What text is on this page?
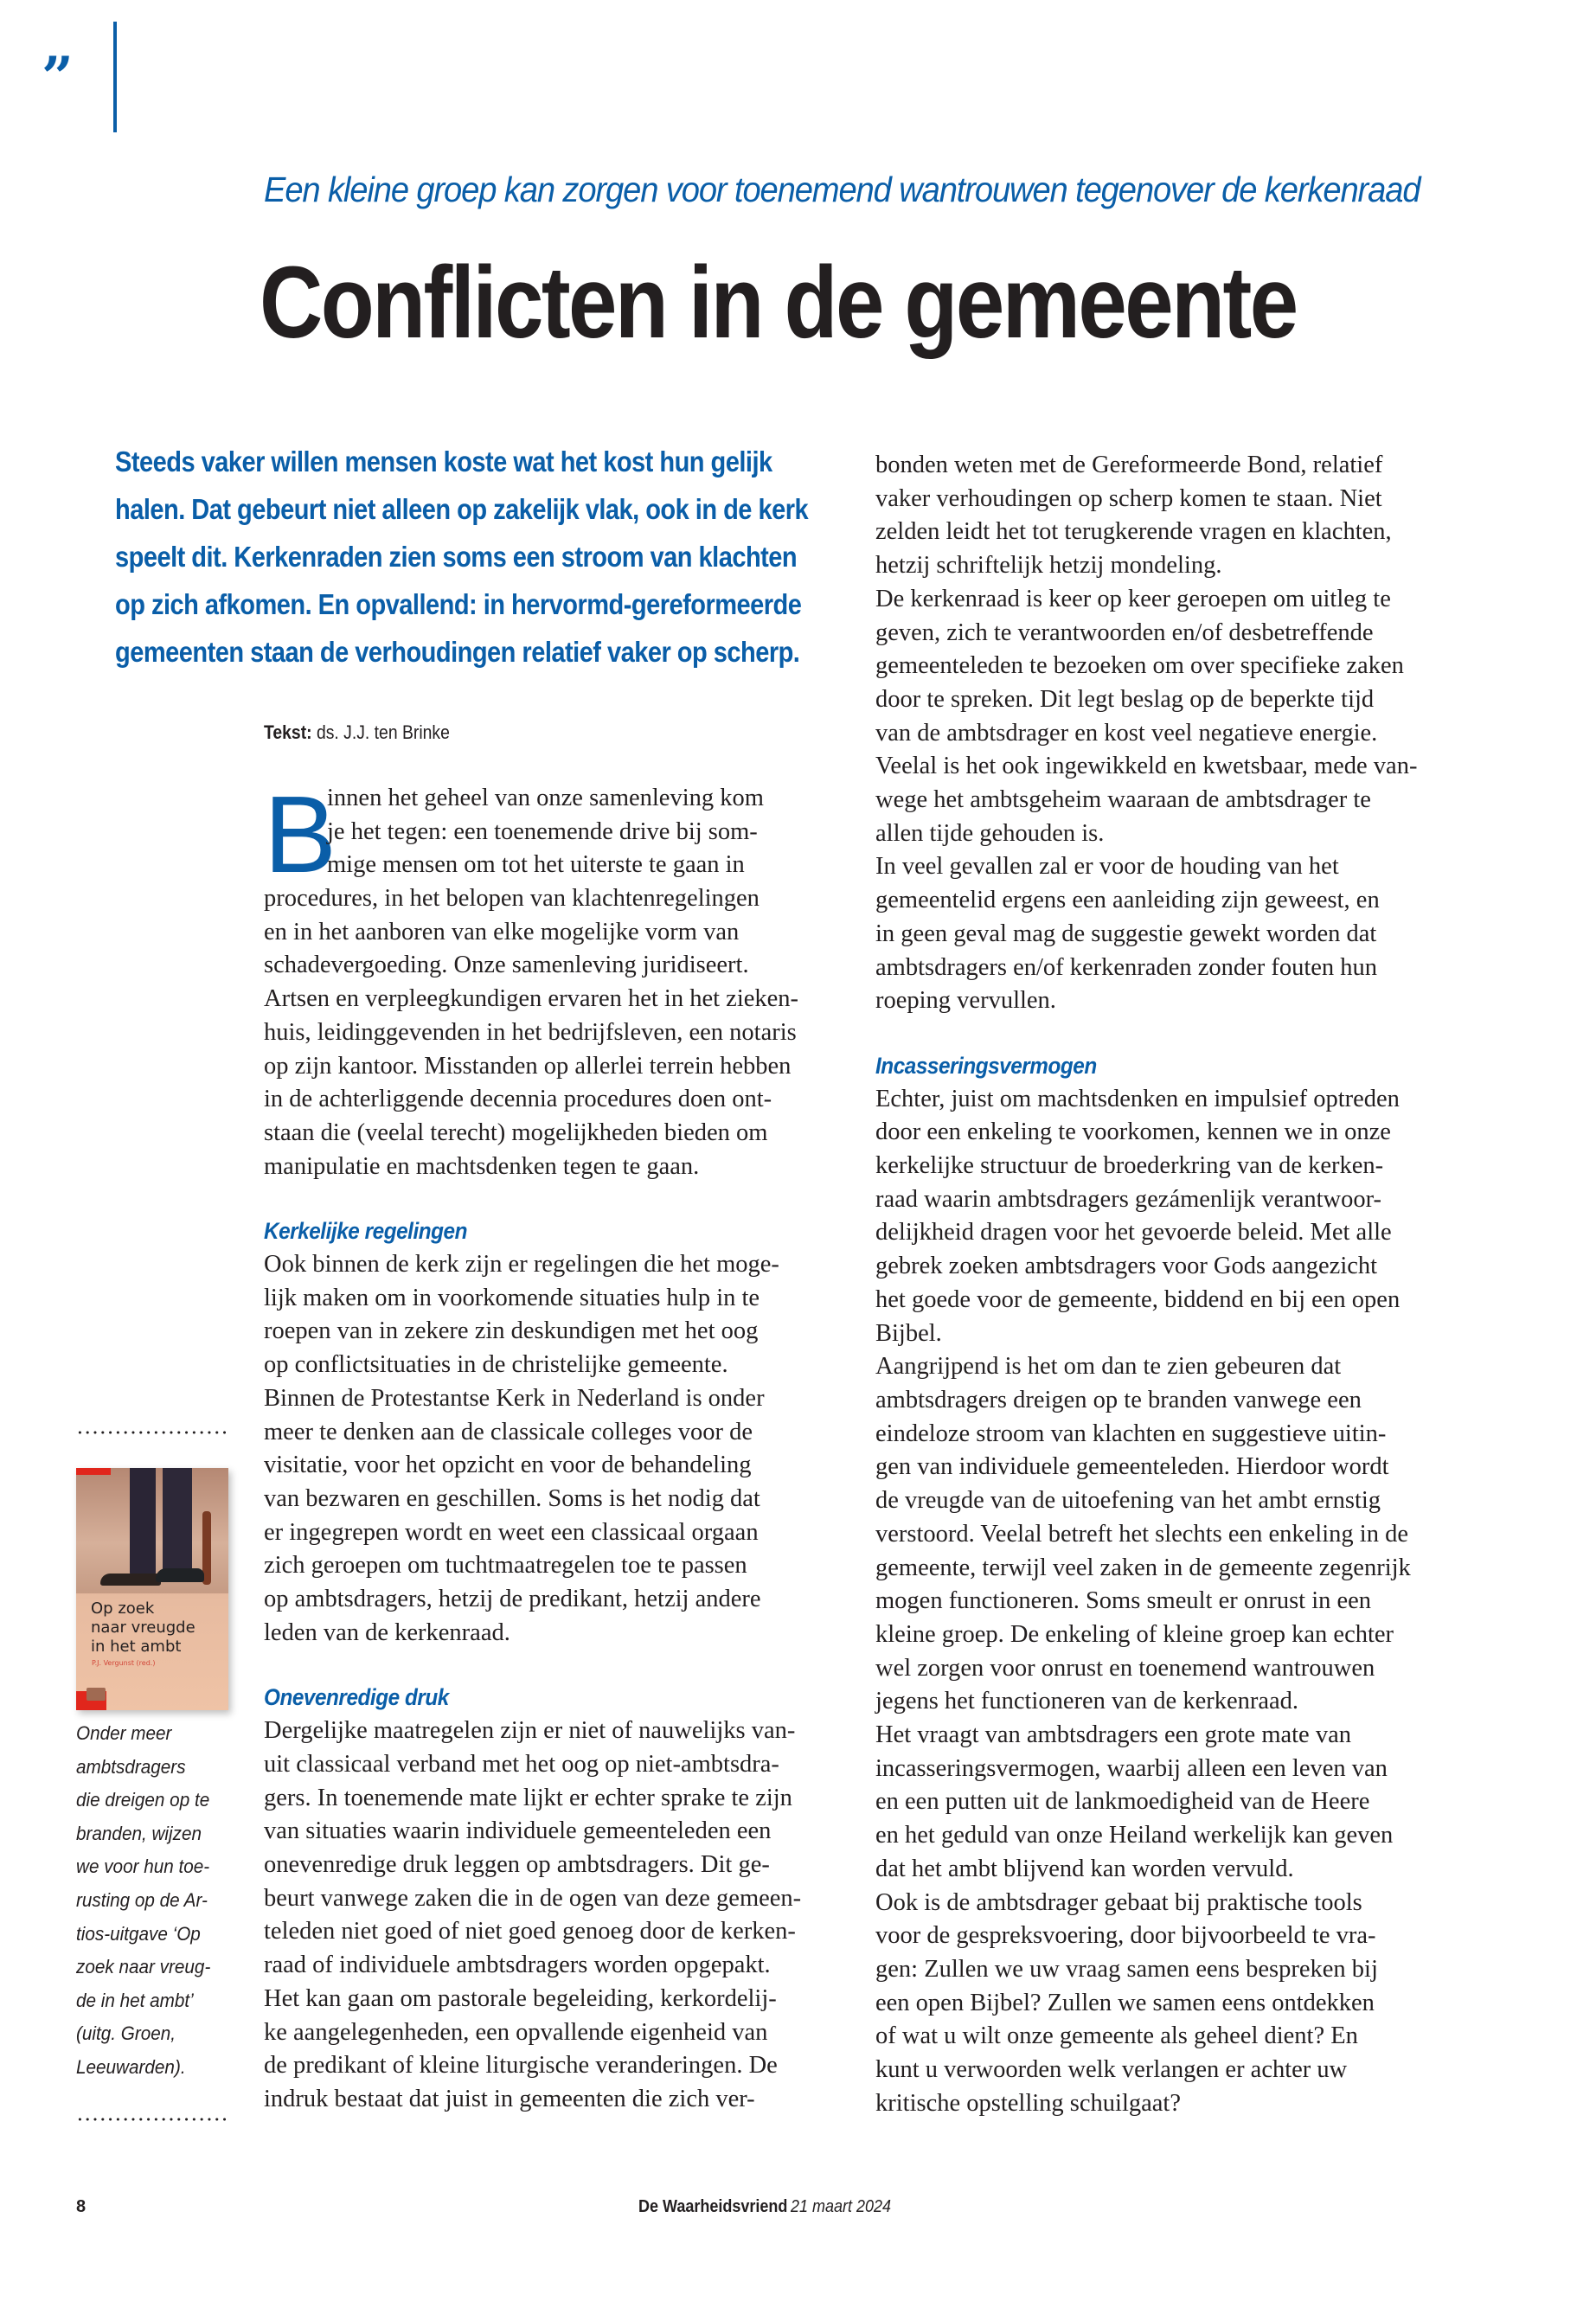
”
Een kleine groep kan zorgen voor toenemend wantrouwen tegenover de kerkenraad
Conflicten in de gemeente
Steeds vaker willen mensen koste wat het kost hun gelijk
halen. Dat gebeurt niet alleen op zakelijk vlak, ook in de kerk
speelt dit. Kerkenraden zien soms een stroom van klachten
op zich afkomen. En opvallend: in hervormd-gereformeerde
gemeenten staan de verhoudingen relatief vaker op scherp.
Tekst: ds. J.J. ten Brinke
B
innen het geheel van onze samenleving kom
je het tegen: een toenemende drive bij som-
mige mensen om tot het uiterste te gaan in
procedures, in het belopen van klachtenregelingen
en in het aanboren van elke mogelijke vorm van
schadevergoeding. Onze samenleving juridiseert.
Artsen en verpleegkundigen ervaren het in het zieken-
huis, leidinggevenden in het bedrijfsleven, een notaris
op zijn kantoor. Misstanden op allerlei terrein hebben
in de achterliggende decennia procedures doen ont-
staan die (veelal terecht) mogelijkheden bieden om
manipulatie en machtsdenken tegen te gaan.
Kerkelijke regelingen
Ook binnen de kerk zijn er regelingen die het moge-
lijk maken om in voorkomende situaties hulp in te
roepen van in zekere zin deskundigen met het oog
op conflictsituaties in de christelijke gemeente.
Binnen de Protestantse Kerk in Nederland is onder
meer te denken aan de classicale colleges voor de
visitatie, voor het opzicht en voor de behandeling
van bezwaren en geschillen. Soms is het nodig dat
er ingegrepen wordt en weet een classicaal orgaan
zich geroepen om tuchtmaatregelen toe te passen
op ambtsdragers, hetzij de predikant, hetzij andere
leden van de kerkenraad.
Onevenredige druk
Dergelijke maatregelen zijn er niet of nauwelijks van-
uit classicaal verband met het oog op niet-ambtsdra-
gers. In toenemende mate lijkt er echter sprake te zijn
van situaties waarin individuele gemeenteleden een
onevenredige druk leggen op ambtsdragers. Dit ge-
beurt vanwege zaken die in de ogen van deze gemeen-
teleden niet goed of niet goed genoeg door de kerken-
raad of individuele ambtsdragers worden opgepakt.
Het kan gaan om pastorale begeleiding, kerkordelij-
ke aangelegenheden, een opvallende eigenheid van
de predikant of kleine liturgische veranderingen. De
indruk bestaat dat juist in gemeenten die zich ver-
bonden weten met de Gereformeerde Bond, relatief
vaker verhoudingen op scherp komen te staan. Niet
zelden leidt het tot terugkerende vragen en klachten,
hetzij schriftelijk hetzij mondeling.
De kerkenraad is keer op keer geroepen om uitleg te
geven, zich te verantwoorden en/of desbetreffende
gemeenteleden te bezoeken om over specifieke zaken
door te spreken. Dit legt beslag op de beperkte tijd
van de ambtsdrager en kost veel negatieve energie.
Veelal is het ook ingewikkeld en kwetsbaar, mede van-
wege het ambtsgeheim waaraan de ambtsdrager te
allen tijde gehouden is.
In veel gevallen zal er voor de houding van het
gemeentelid ergens een aanleiding zijn geweest, en
in geen geval mag de suggestie gewekt worden dat
ambtsdragers en/of kerkenraden zonder fouten hun
roeping vervullen.
Incasseringsvermogen
Echter, juist om machtsdenken en impulsief optreden
door een enkeling te voorkomen, kennen we in onze
kerkelijke structuur de broederkring van de kerken-
raad waarin ambtsdragers gezámenlijk verantwoor-
delijkheid dragen voor het gevoerde beleid. Met alle
gebrek zoeken ambtsdragers voor Gods aangezicht
het goede voor de gemeente, biddend en bij een open
Bijbel.
Aangrijpend is het om dan te zien gebeuren dat
ambtsdragers dreigen op te branden vanwege een
eindeloze stroom van klachten en suggestieve uitin-
gen van individuele gemeenteleden. Hierdoor wordt
de vreugde van de uitoefening van het ambt ernstig
verstoord. Veelal betreft het slechts een enkeling in de
gemeente, terwijl veel zaken in de gemeente zegenrijk
mogen functioneren. Soms smeult er onrust in een
kleine groep. De enkeling of kleine groep kan echter
wel zorgen voor onrust en toenemend wantrouwen
jegens het functioneren van de kerkenraad.
Het vraagt van ambtsdragers een grote mate van
incasseringsvermogen, waarbij alleen een leven van
en een putten uit de lankmoedigheid van de Heere
en het geduld van onze Heiland werkelijk kan geven
dat het ambt blijvend kan worden vervuld.
Ook is de ambtsdrager gebaat bij praktische tools
voor de gespreksvoering, door bijvoorbeeld te vra-
gen: Zullen we uw vraag samen eens bespreken bij
een open Bijbel? Zullen we samen eens ontdekken
of wat u wilt onze gemeente als geheel dient? En
kunt u verwoorden welk verlangen er achter uw
kritische opstelling schuilgaat?
Op zoek
naar vreugde
in het ambt
P.J. Vergunst (red.)
Onder meer
ambtsdragers
die dreigen op te
branden, wijzen
we voor hun toe-
rusting op de Ar-
tios-uitgave ‘Op
zoek naar vreug-
de in het ambt’
(uitg. Groen,
Leeuwarden).
8	De Waarheidsvriend 21 maart 2024
